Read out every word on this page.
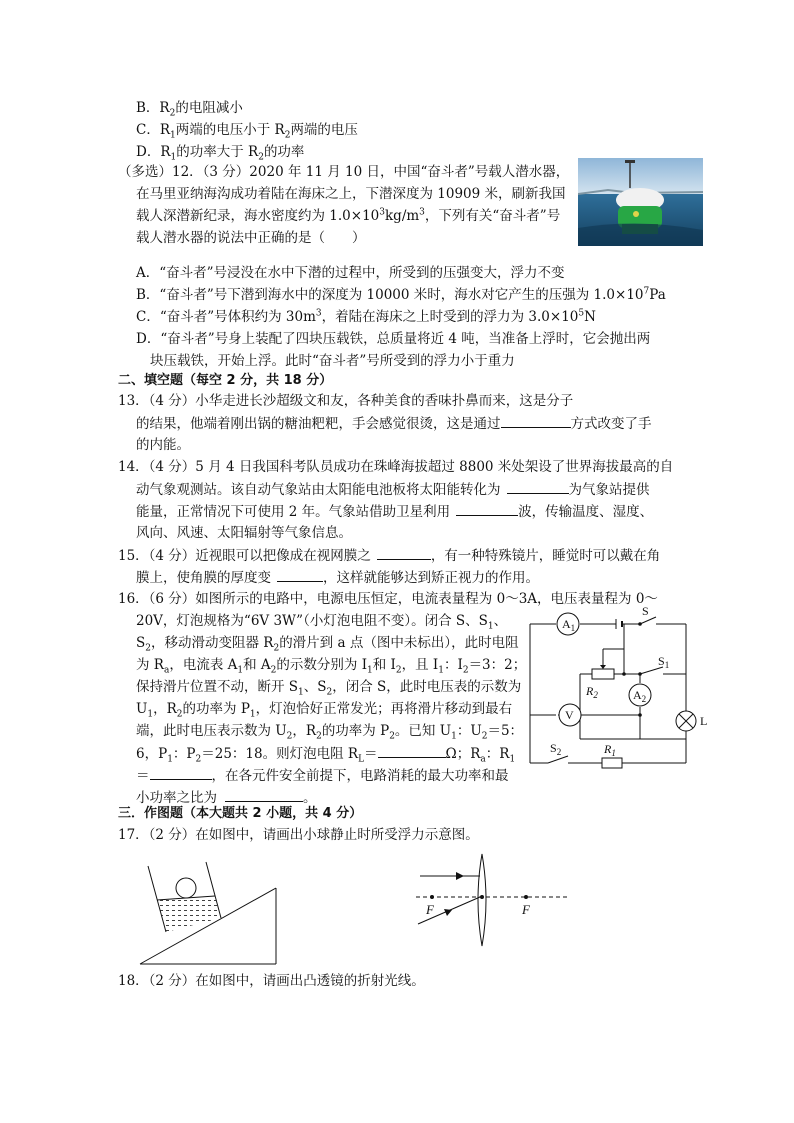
B．$R_2$的电阻减小
C．$R_1$两端的电压小于 $R_2$两端的电压
D．$R_1$的功率大于 $R_2$的功率
（多选）12．（3 分）2020 年 11 月 10 日，中国“奋斗者”号载人潜水器，
在马里亚纳海沟成功着陆在海床之上，下潜深度为 10909 米，刷新我国
载人深潜新纪录，海水密度约为 $1.0\times 10^3kg/m^3$，下列有关“奋斗者”号
载人潜水器的说法中正确的是（　　）
A．“奋斗者”号浸没在水中下潜的过程中，所受到的压强变大，浮力不变
B．“奋斗者”号下潜到海水中的深度为 10000 米时，海水对它产生的压强为 $1.0\times 10^7Pa$
C．“奋斗者”号体积约为 $30m^3$，着陆在海床之上时受到的浮力为 $3.0\times 10^5N$
D．“奋斗者”号身上装配了四块压载铁，总质量将近 4 吨，当准备上浮时，它会抛出两
块压载铁，开始上浮。此时“奋斗者”号所受到的浮力小于重力
二、填空题（每空 2 分，共 18 分）
13．（4 分）小华走进长沙超级文和友，各种美食的香味扑鼻而来，这是分子
的结果，他端着刚出锅的糖油粑粑，手会感觉很烫，这是通过	方式改变了手
的内能。
14．（4 分）5 月 4 日我国科考队员成功在珠峰海拔超过 8800 米处架设了世界海拔最高的自
动气象观测站。该自动气象站由太阳能电池板将太阳能转化为	为气象站提供
能量，正常情况下可使用 2 年。气象站借助卫星利用	波，传输温度、湿度、
风向、风速、太阳辐射等气象信息。
15．（4 分）近视眼可以把像成在视网膜之	，有一种特殊镜片，睡觉时可以戴在角
膜上，使角膜的厚度变	，这样就能够达到矫正视力的作用。
16．（6 分）如图所示的电路中，电源电压恒定，电流表量程为 0～3A，电压表量程为 0～
20V，灯泡规格为“6V 3W”（小灯泡电阻不变）。闭合 S、$S_1$、
$S_2$，移动滑动变阻器 $R_2$的滑片到 a 点（图中未标出），此时电阻
为 $R_a$，电流表 $A_1$和 $A_2$的示数分别为 $I_1$和 $I_2$，且 $I_1$：$I_2=3$：2；
保持滑片位置不动，断开 $S_1$、$S_2$，闭合 S，此时电压表的示数为
$U_1$，$R_2$的功率为 $P_1$，灯泡恰好正常发光；再将滑片移动到最右
端，此时电压表示数为 $U_2$，$R_2$的功率为 $P_2$。已知 $U_1$：$U_2=5$：
6，$P_1$：$P_2=25$：18。则灯泡电阻 $R_L=$	Ω；$R_a$：$R_1$
＝	，在各元件安全前提下，电路消耗的最大功率和最
小功率之比为	。
$A_1$
S
$S_1$
$R_2$	$A_2$
V	L
$S_2$	$R_1$
三．作图题（本大题共 2 小题，共 4 分）
17．（2 分）在如图中，请画出小球静止时所受浮力示意图。
F	F
18．（2 分）在如图中，请画出凸透镜的折射光线。
